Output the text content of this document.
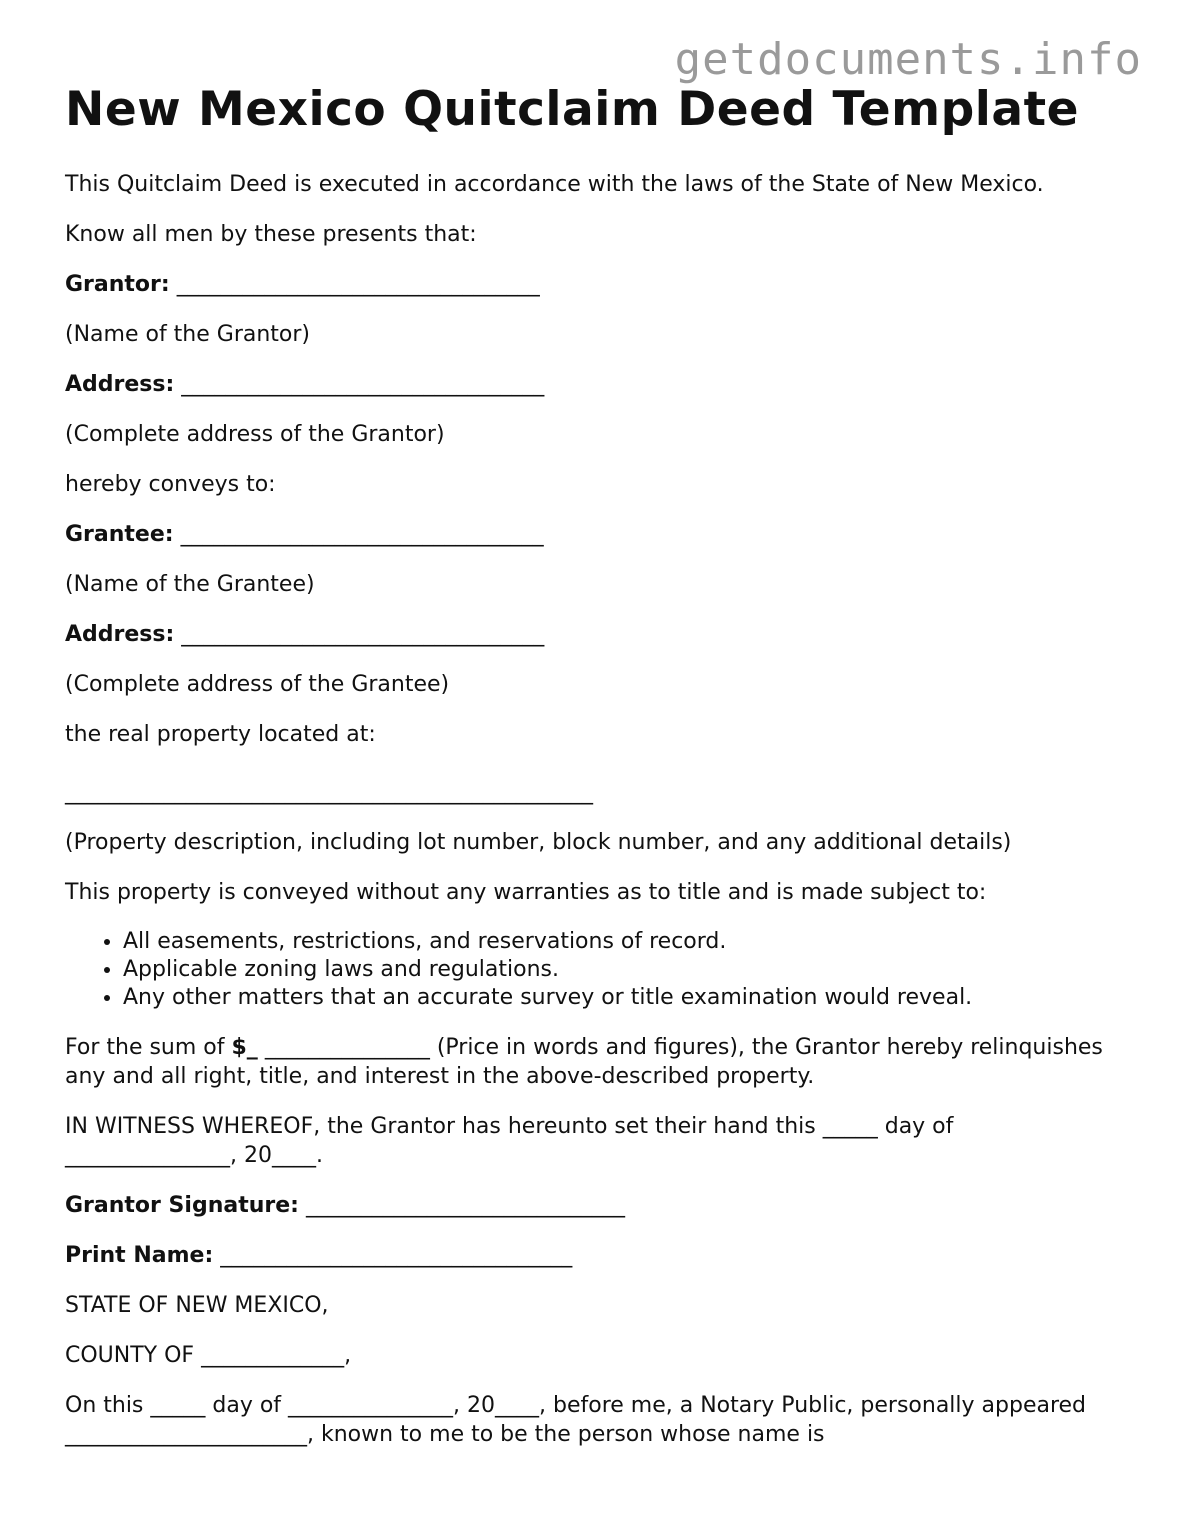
getdocuments.info
New Mexico Quitclaim Deed Template

This Quitclaim Deed is executed in accordance with the laws of the State of New Mexico.

Know all men by these presents that:

Grantor: _________________________________

(Name of the Grantor)

Address: _________________________________

(Complete address of the Grantor)

hereby conveys to:

Grantee: _________________________________

(Name of the Grantee)

Address: _________________________________

(Complete address of the Grantee)

the real property located at:

________________________________________________

(Property description, including lot number, block number, and any additional details)

This property is conveyed without any warranties as to title and is made subject to:

• All easements, restrictions, and reservations of record.
• Applicable zoning laws and regulations.
• Any other matters that an accurate survey or title examination would reveal.

For the sum of $_ _______________ (Price in words and figures), the Grantor hereby relinquishes any and all right, title, and interest in the above-described property.

IN WITNESS WHEREOF, the Grantor has hereunto set their hand this _____ day of _______________, 20____.

Grantor Signature: _____________________________

Print Name: ________________________________

STATE OF NEW MEXICO,

COUNTY OF _____________,

On this _____ day of _______________, 20____, before me, a Notary Public, personally appeared ______________________, known to me to be the person whose name is
